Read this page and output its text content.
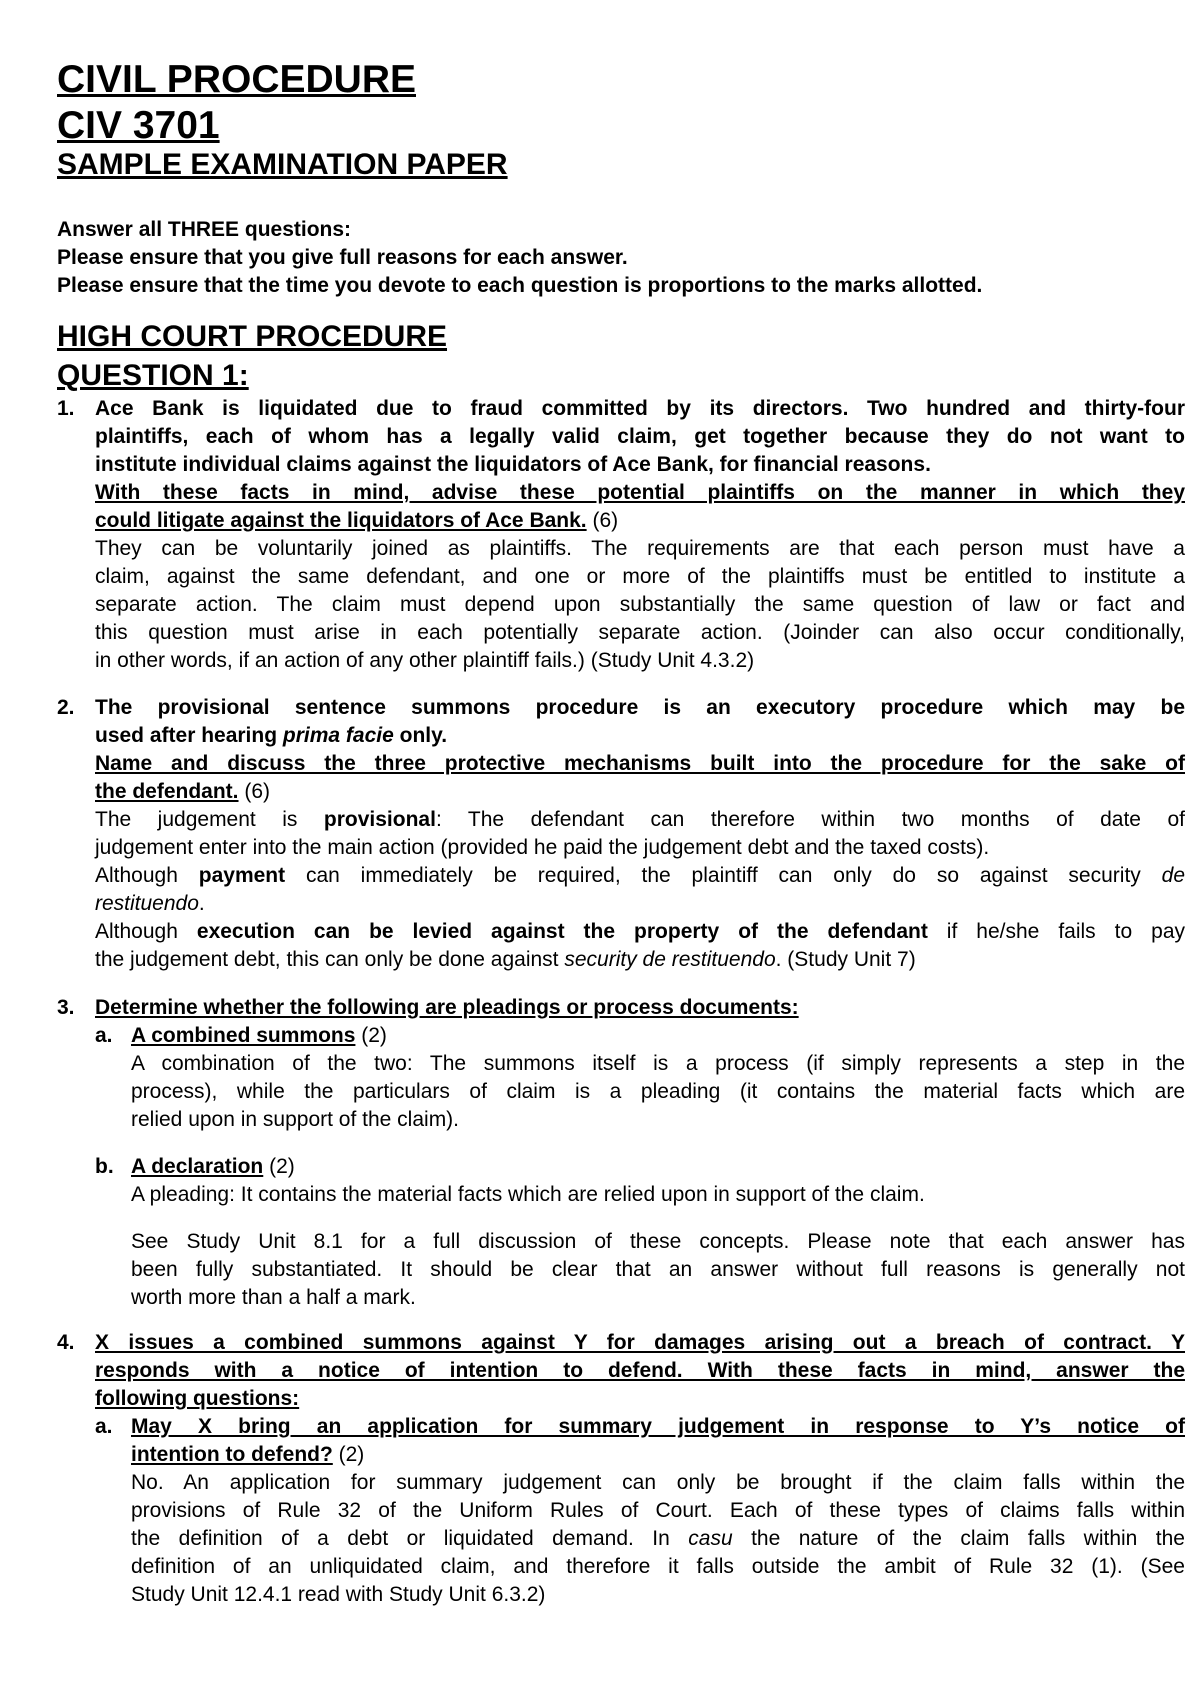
CIVIL PROCEDURE
CIV 3701
SAMPLE EXAMINATION PAPER
Answer all THREE questions:
Please ensure that you give full reasons for each answer.
Please ensure that the time you devote to each question is proportions to the marks allotted.
HIGH COURT PROCEDURE
QUESTION 1:
1. Ace Bank is liquidated due to fraud committed by its directors. Two hundred and thirty-four
plaintiffs, each of whom has a legally valid claim, get together because they do not want to
institute individual claims against the liquidators of Ace Bank, for financial reasons.
With these facts in mind, advise these potential plaintiffs on the manner in which they
could litigate against the liquidators of Ace Bank. (6)
They can be voluntarily joined as plaintiffs. The requirements are that each person must have a
claim, against the same defendant, and one or more of the plaintiffs must be entitled to institute a
separate action. The claim must depend upon substantially the same question of law or fact and
this question must arise in each potentially separate action. (Joinder can also occur conditionally,
in other words, if an action of any other plaintiff fails.) (Study Unit 4.3.2)
2. The provisional sentence summons procedure is an executory procedure which may be
used after hearing prima facie only.
Name and discuss the three protective mechanisms built into the procedure for the sake of
the defendant. (6)
The judgement is provisional: The defendant can therefore within two months of date of
judgement enter into the main action (provided he paid the judgement debt and the taxed costs).
Although payment can immediately be required, the plaintiff can only do so against security de
restituendo.
Although execution can be levied against the property of the defendant if he/she fails to pay
the judgement debt, this can only be done against security de restituendo. (Study Unit 7)
3. Determine whether the following are pleadings or process documents:
a. A combined summons (2)
A combination of the two: The summons itself is a process (if simply represents a step in the
process), while the particulars of claim is a pleading (it contains the material facts which are
relied upon in support of the claim).
b. A declaration (2)
A pleading: It contains the material facts which are relied upon in support of the claim.
See Study Unit 8.1 for a full discussion of these concepts. Please note that each answer has
been fully substantiated. It should be clear that an answer without full reasons is generally not
worth more than a half a mark.
4. X issues a combined summons against Y for damages arising out a breach of contract. Y
responds with a notice of intention to defend. With these facts in mind, answer the
following questions:
a. May X bring an application for summary judgement in response to Y’s notice of
intention to defend? (2)
No. An application for summary judgement can only be brought if the claim falls within the
provisions of Rule 32 of the Uniform Rules of Court. Each of these types of claims falls within
the definition of a debt or liquidated demand. In casu the nature of the claim falls within the
definition of an unliquidated claim, and therefore it falls outside the ambit of Rule 32 (1). (See
Study Unit 12.4.1 read with Study Unit 6.3.2)
